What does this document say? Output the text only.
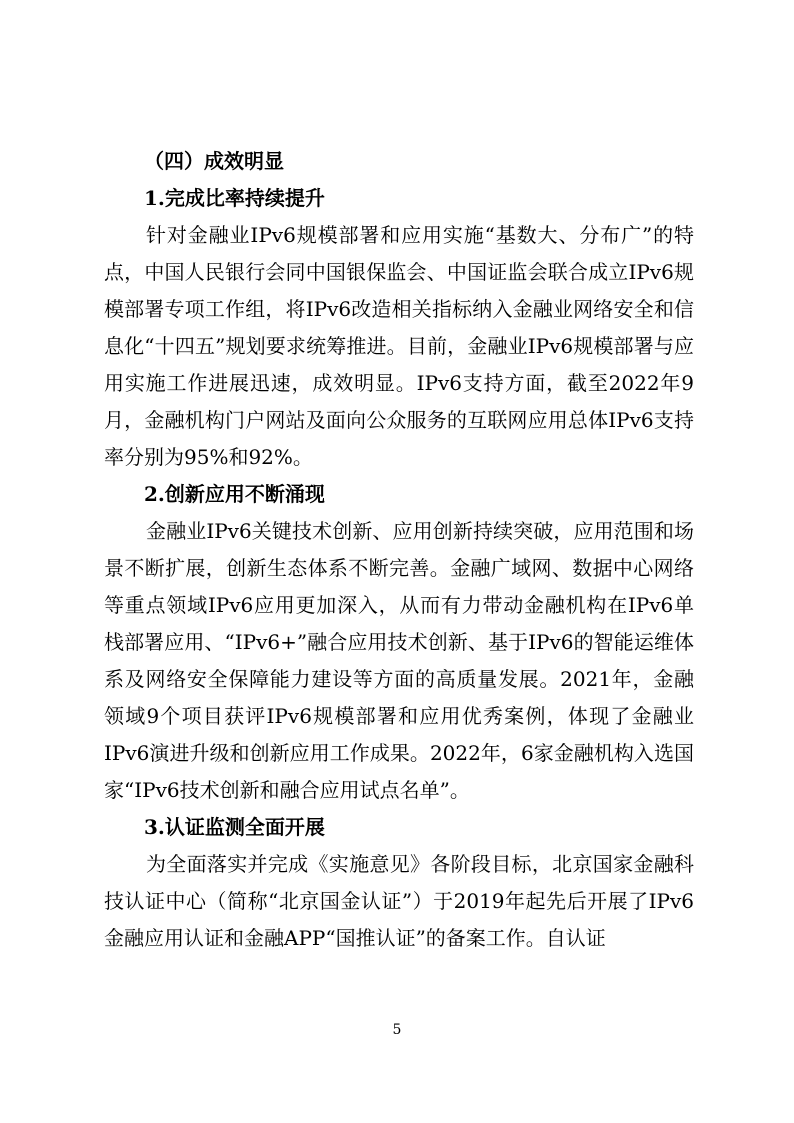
（四）成效明显

1.完成比率持续提升

针对金融业IPv6规模部署和应用实施“基数大、分布广”的特点，中国人民银行会同中国银保监会、中国证监会联合成立IPv6规模部署专项工作组，将IPv6改造相关指标纳入金融业网络安全和信息化“十四五”规划要求统筹推进。目前，金融业IPv6规模部署与应用实施工作进展迅速，成效明显。IPv6支持方面，截至2022年9月，金融机构门户网站及面向公众服务的互联网应用总体IPv6支持率分别为95%和92%。

2.创新应用不断涌现

金融业IPv6关键技术创新、应用创新持续突破，应用范围和场景不断扩展，创新生态体系不断完善。金融广域网、数据中心网络等重点领域IPv6应用更加深入，从而有力带动金融机构在IPv6单栈部署应用、“IPv6+”融合应用技术创新、基于IPv6的智能运维体系及网络安全保障能力建设等方面的高质量发展。2021年，金融领域9个项目获评IPv6规模部署和应用优秀案例，体现了金融业IPv6演进升级和创新应用工作成果。2022年，6家金融机构入选国家“IPv6技术创新和融合应用试点名单”。

3.认证监测全面开展

为全面落实并完成《实施意见》各阶段目标，北京国家金融科技认证中心（简称“北京国金认证”）于2019年起先后开展了IPv6金融应用认证和金融APP“国推认证”的备案工作。自认证

5
